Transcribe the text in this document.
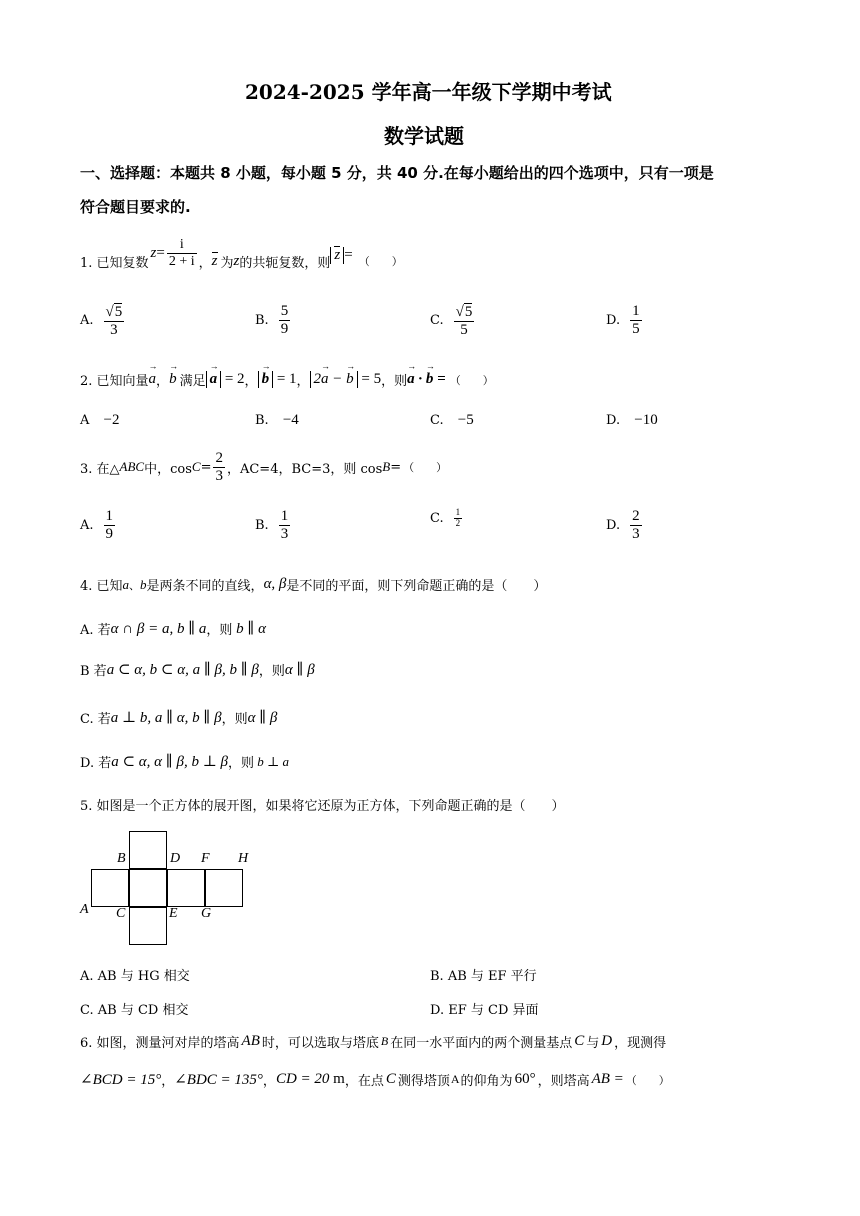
2024-2025 学年高一年级下学期中考试
数学试题
一、选择题：本题共 8 小题，每小题 5 分，共 40 分.在每小题给出的四个选项中，只有一项是
符合题目要求的.
1. 已知复数
$z = \frac{i}{2 + i}$ ， z 为 z 的共轭复数，则
z = （　　）
A. $\frac{√5}{3}$	B. $\frac{5}{9}$	C. $\frac{√5}{5}$	D. $\frac{1}{5}$
2. 已知向量 → a ， → b 满足 → a = 2 ， → b = 1 ， 2→ a − → b = 5 ，则 → a · → b = （　　）
A −2	B. −4	C. −5	D. −10
3. 在△ ABC 中，$\cos C = \frac{2}{3}$ ，AC=4，BC=3，则 cos B = （　　）
A. $\frac{1}{9}$	B. $\frac{1}{3}$	C. $\frac{1}{2}$	D. $\frac{2}{3}$
4. 已知 a 、 b 是两条不同的直线， α, β 是不同的平面，则下列命题正确的是（　　）
A. 若 α ∩ β = a, b ∥ a ，则 b ∥ α
B 若 a ⊂ α, b ⊂ α, a ∥ β, b ∥ β ，则 α ∥ β
C. 若 a ⊥ b, a ∥ α, b ∥ β ，则 α ∥ β
D. 若 a ⊂ α, α ∥ β, b ⊥ β ，则 b ⊥ a
5. 如图是一个正方体的展开图，如果将它还原为正方体，下列命题正确的是（　　）
B	D F H
A C	E G
A. AB 与 HG 相交	B. AB 与 EF 平行
C. AB 与 CD 相交	D. EF 与 CD 异面
6. 如图，测量河对岸的塔高 AB 时，可以选取与塔底 B 在同一水平面内的两个测量基点 C 与 D ，现测得
∠BCD = 15° ， ∠BDC = 135° ， CD = 20 m ，在点 C 测得塔顶 A 的仰角为 60° ，则塔高 AB = （　　）
